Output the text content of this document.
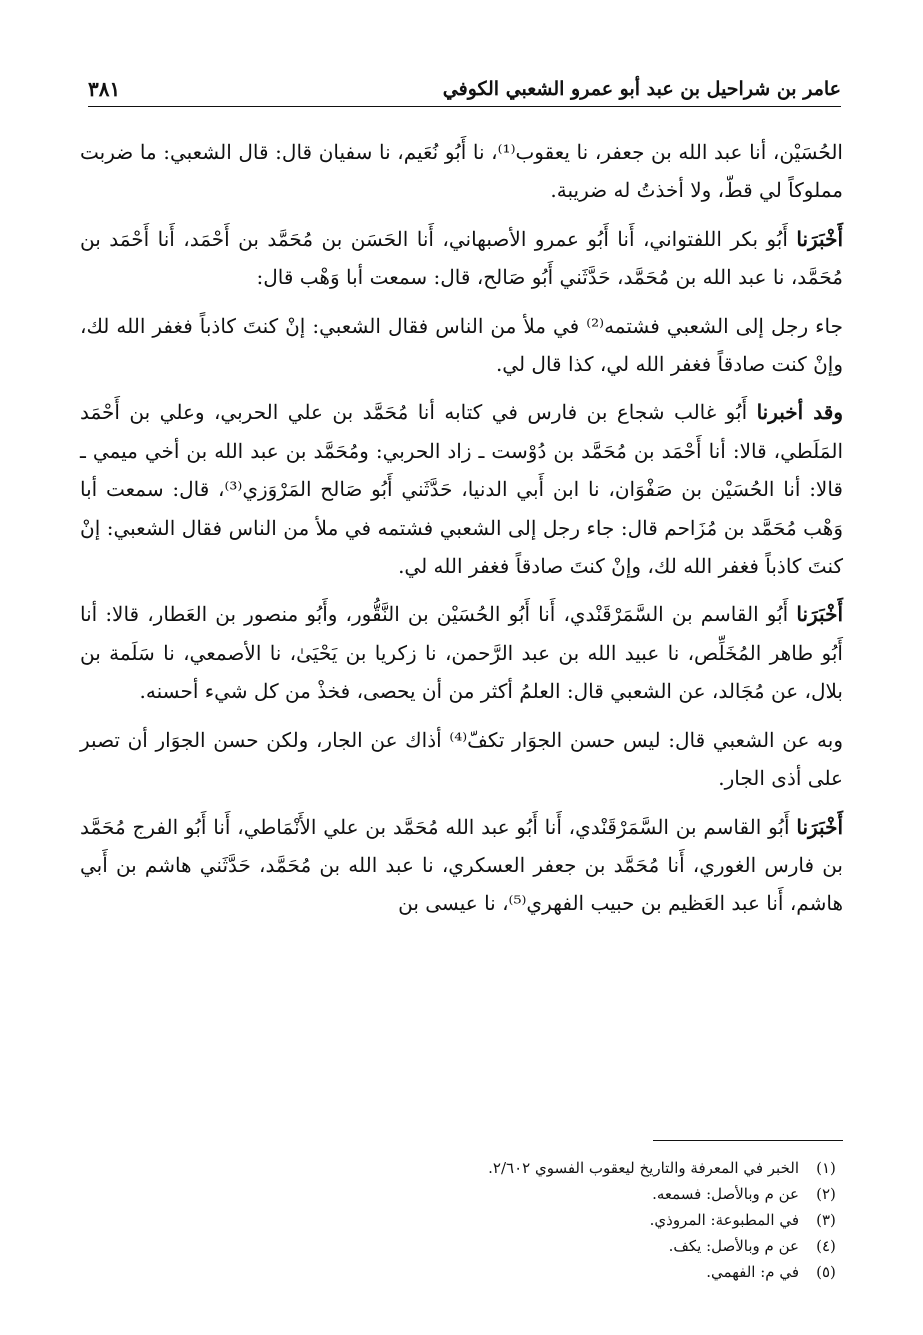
عامر بن شراحيل بن عبد أبو عمرو الشعبي الكوفي
٣٨١

الحُسَيْن، أنا عبد الله بن جعفر، نا يعقوب⁽¹⁾، نا أَبُو نُعَيم، نا سفيان قال: قال الشعبي: ما ضربت مملوكاً لي قطّ، ولا أخذتُ له ضريبة.

أَخْبَرَنا أَبُو بكر اللفتواني، أَنا أَبُو عمرو الأصبهاني، أَنا الحَسَن بن مُحَمَّد بن أَحْمَد، أَنا أَحْمَد بن مُحَمَّد، نا عبد الله بن مُحَمَّد، حَدَّثَني أَبُو صَالح، قال: سمعت أبا وَهْب قال:

جاء رجل إلى الشعبي فشتمه⁽²⁾ في ملأ من الناس فقال الشعبي: إنْ كنتَ كاذباً فغفر الله لك، وإنْ كنت صادقاً فغفر الله لي، كذا قال لي.

وقد أخبرنا أَبُو غالب شجاع بن فارس في كتابه أنا مُحَمَّد بن علي الحربي، وعلي بن أَحْمَد المَلَطي، قالا: أنا أَحْمَد بن مُحَمَّد بن دُوْست ـ زاد الحربي: ومُحَمَّد بن عبد الله بن أخي ميمي ـ قالا: أنا الحُسَيْن بن صَفْوَان، نا ابن أَبي الدنيا، حَدَّثَني أَبُو صَالح المَرْوَزي⁽³⁾، قال: سمعت أبا وَهْب مُحَمَّد بن مُزَاحم قال: جاء رجل إلى الشعبي فشتمه في ملأ من الناس فقال الشعبي: إنْ كنتَ كاذباً فغفر الله لك، وإنْ كنتَ صادقاً فغفر الله لي.

أَخْبَرَنا أَبُو القاسم بن السَّمَرْقَنْدي، أَنا أَبُو الحُسَيْن بن النَّقُّور، وأَبُو منصور بن العَطار، قالا: أنا أَبُو طاهر المُخَلِّص، نا عبيد الله بن عبد الرَّحمن، نا زكريا بن يَحْيَىٰ، نا الأصمعي، نا سَلَمة بن بلال، عن مُجَالد، عن الشعبي قال: العلمُ أكثر من أن يحصى، فخذْ من كل شيء أحسنه.

وبه عن الشعبي قال: ليس حسن الجوَار تكفّ⁽⁴⁾ أذاك عن الجار، ولكن حسن الجوَار أن تصبر على أذى الجار.

أَخْبَرَنا أَبُو القاسم بن السَّمَرْقَنْدي، أَنا أَبُو عبد الله مُحَمَّد بن علي الأَنْمَاطي، أَنا أَبُو الفرج مُحَمَّد بن فارس الغوري، أَنا مُحَمَّد بن جعفر العسكري، نا عبد الله بن مُحَمَّد، حَدَّثَني هاشم بن أَبي هاشم، أَنا عبد العَظيم بن حبيب الفهري⁽⁵⁾، نا عيسى بن

(١)
الخبر في المعرفة والتاريخ ليعقوب الفسوي ٢/٦٠٢.
(٢)
عن م وبالأصل: فسمعه.
(٣)
في المطبوعة: المروذي.
(٤)
عن م وبالأصل: يكف.
(٥)
في م: الفهمي.
